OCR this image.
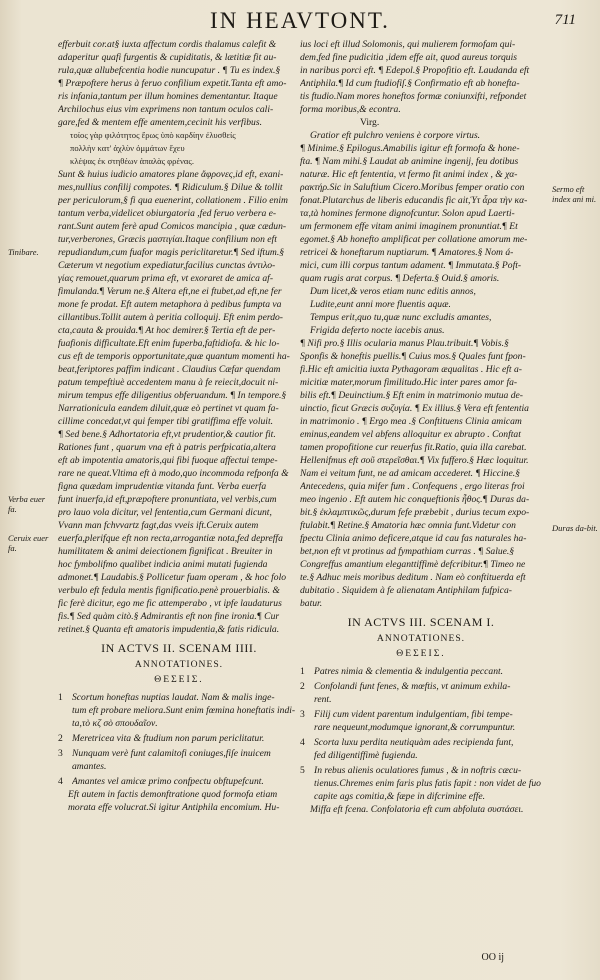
IN HEAVTONT.	711
efferbuit cor.at§ iuxta affectum cordis thalamus calefit &
adaperitur quafi furgentis & cupiditatis, & lætitiæ fit au-
rula,quæ allubefcentia hodie nuncupatur . ¶ Tu es index.§
¶ Præpoftere herus à feruo confilium expetit.Tanta eft amo-
ris infania,tantum per illum homines dementantur. Itaque
Archilochus eius vim exprimens non tantum oculos cali-
gare,fed & mentem effe amentem,cecinit his verfibus.
τοίος γὰρ φιλότητος ἔρως ὑπὸ καρδίην ἐλυσθείς
πολλὴν κατ' ἀχλὺν ὀμμάτων ἔχευ
κλέψας ἐκ στηθέων ἁπαλὰς φρένας.
Sunt & huius iudicio amatores plane ἄφρονες,id eft, exani-
mes,nullius confilij compotes. ¶ Ridiculum.§ Dilue & tollit
per periculorum,§ fi qua euenerint, collationem . Filio enim
tantum verba,videlicet obiurgatoria ,fed feruo verbera e-
rant.Sunt autem ferè apud Comicos mancipia , quæ cædun-
tur,verberones, Græcis μαστιγίαι.Itaque confilium non eft
repudiandum,cum fuafor magis periclitaretur.¶ Sed iftum.§
Cæterum vt negotium expediatur,facilius cunctas ἀντιλο-
γίας remouet,quarum prima eft, vt exoraret de amica af-
fimulanda.¶ Verum ne.§ Altera eft,ne ei ftubet,ad eft,ne fer
mone fe prodat. Eft autem metaphora à pedibus fumpta va
cillantibus.Tollit autem à peritia colloquij. Eft enim perdo-
cta,cauta & prouida.¶ At hoc demirer.§ Tertia eft de per-
fuafionis difficultate.Eft enim fuperba,faftidiofa. & hic lo-
cus eft de temporis opportunitate,quæ quantum momenti ha-
beat,feriptores paffim indicant . Claudius Cæfar quendam
patum tempeftiuè accedentem manu à fe reiecit,docuit ni-
mirum tempus effe diligentius obferuandum. ¶ In tempore.§
Narrationicula eandem diluit,quæ eò pertinet vt quam fa-
cillime concedat,vt qui femper tibi gratiffima effe voluit.
¶ Sed bene.§ Adhortatoria eft,vt prudentior,& cautior fit.
Rationes funt , quarum vna eft à patris perfpicatia,altera
eft ab impotentia amatoris,qui fibi fuoque affectui tempe-
rare ne queat.Vltima eft à modo,quo incommoda refponfa &
figna quædam imprudentiæ vitanda funt. Verba euerfa
funt inuerfa,id eft,præpoftere pronuntiata, vel verbis,cum
pro lauo vola dicitur, vel fententia,cum Germani dicunt,
Vvann man fchvvartz fagt,das vveis ift.Ceruix autem
euerfa,plerifque eft non recta,arrogantiæ nota,fed depreffa
humilitatem & animi deiectionem fignificat . Breuiter in
hoc fymbolifmo qualibet indicia animi mutati fugienda
admonet.¶ Laudabis.§ Pollicetur fuam operam , & hoc folo
verbulo eft fedula mentis fignificatio.penè prouerbialis. &
fic ferè dicitur, ego me fic attemperabo , vt ipfe laudaturus
fis.¶ Sed quàm citò.§ Admirantis eft non fine ironia.¶ Cur
retinet.§ Quanta eft amatoris impudentia,& fatis ridicula.
IN ACTVS II. SCENAM IIII.
ANNOTATIONES.
ΘΕΣΕΙΣ.
1 Scortum honeftas nuptias laudat. Nam & malis inge-
tum eft probare meliora.Sunt enim fœmina honeftatis indi-
ta,τὸ κζ σὸ σπουδαῖον.
2 Meretricea vita & ftudium non parum periclitatur.
3 Nunquam verè funt calamitofi coniuges,fiſe inuicem
amantes.
4 Amantes vel amicæ primo confpectu obftupefcunt.
Eft autem in factis demonftratione quod formofa etiam
morata effe volucrat.Si igitur Antiphila encomium. Hu-
ius loci eft illud Solomonis, qui mulierem formofam qui-
dem,fed fine pudicitia ,idem effe ait, quod aureus torquis
in naribus porci eft. ¶ Edepol.§ Propofitio eft. Laudanda eft
Antiphila.¶ Id cum ftudiofiſ.§ Confirmatio eft ab honefta-
tis ftudio.Nam mores honeftos formæ coniunxifti, refpondet
forma moribus,& econtra.
Virg.
Gratior eft pulchro veniens è corpore virtus.
¶ Minime.§ Epilogus.Amabilis igitur eft formofa & hone-
fta. ¶ Nam mihi.§ Laudat ab animine ingenij, feu dotibus
naturæ. Hic eft fententia, vt fermo fit animi index , & χα-
ρακτήρ.Sic in Saluftium Cicero.Moribus femper oratio con
fonat.Plutarchus de liberis educandis fic ait,Ὑτ ἆρα τὴν κα-
τα,tà homines fermone dignofcuntur. Solon apud Laerti-
um fermonem effe vitam animi imaginem pronuntiat.¶ Et
egomet.§ Ab honefto amplificat per collatione amorum me-
retricei & honeftarum nuptiarum. ¶ Amatores.§ Nom á-
mici, cum illi corpus tantum adament. ¶ Immutata.§ Poft-
quam rugis arat corpus. ¶ Deferta.§ Ouid.§ amoris.
Dum licet,& veros etiam nunc editis annos,
Ludite,eunt anni more fluentis aquæ.
Tempus erit,quo tu,quæ nunc excludis amantes,
Frigida deferto nocte iacebis anus.
¶ Nifi pro.§ Illis ocularia manus Plau.tribuit.¶ Vobis.§
Sponfis & honeftis puellis.¶ Cuius mos.§ Quales funt fpon-
fi.Hic eft amicitia iuxta Pythagoram æqualitas . Hic eft a-
micitiæ mater,morum fimilitudo.Hic inter pares amor fa-
bilis eft.¶ Deuinctium.§ Eft enim in matrimonio mutua de-
uinctio, ficut Græcis συζυγία. ¶ Ex illius.§ Vera eft fententia
in matrimonio . ¶ Ergo mea .§ Conftituens Clinia amicam
eminus,eandem vel abfens alloquitur ex abrupto . Conftat
tamen propofitione cur reuerfus fit.Ratio, quia illa carebat.
Hellenifmus eft σοῦ στερεῖσθαι.¶ Vix fuffero.§ Hæc loquitur.
Nam ei veitum funt, ne ad amicam accederet. ¶ Hiccine.§
Antecedens, quia mifer fum . Confequens , ergo literas froi
meo ingenio . Eft autem hic conqueftionis ἦθος.¶ Duras da-
bit.§ ἐκλαμπτικῶς,durum fefe præbebit , durius tecum expo-
ftulabit.¶ Retine.§ Amatoria hæc omnia funt.Videtur con
fpectu Clinia animo deficere,atque id cau fas naturales ha-
bet,non eft vt protinus ad fympathiam curras . ¶ Salue.§
Congreffus amantium eleganttiffimè defcribitur.¶ Timeo ne
te.§ Adhuc meis moribus deditum . Nam eò conftituerda eft
dubitatio . Siquidem à fe alienatam Antiphilam fufpica-
batur.
IN ACTVS III. SCENAM I.
ANNOTATIONES.
ΘΕΣΕΙΣ.
1 Patres nimia & clementia & indulgentia peccant.
2 Confolandi funt fenes, & mœftis, vt animum exhila-
rent.
3 Filij cum vident parentum indulgentiam, fibi tempe-
rare nequeunt,modumque ignorant,& corrumpuntur.
4 Scorta luxu perdita neutiquàm ades recipienda funt,
fed diligentiffimè fugienda.
5 In rebus alienis oculatiores fumus , & in noftris cæcu-
tienus.Chremes enim faris plus fatis fapit : non videt de fuo
capite ags comitia,& fæpe in difcrimine effe.
Miffa eft fcena. Confolatoria eft cum abfoluta συστάσει.
Tinibare.
Verba euer fa.
Ceruix euer fa.
Sermo eft index ani mi.
Duras da-bit.
OO ij
